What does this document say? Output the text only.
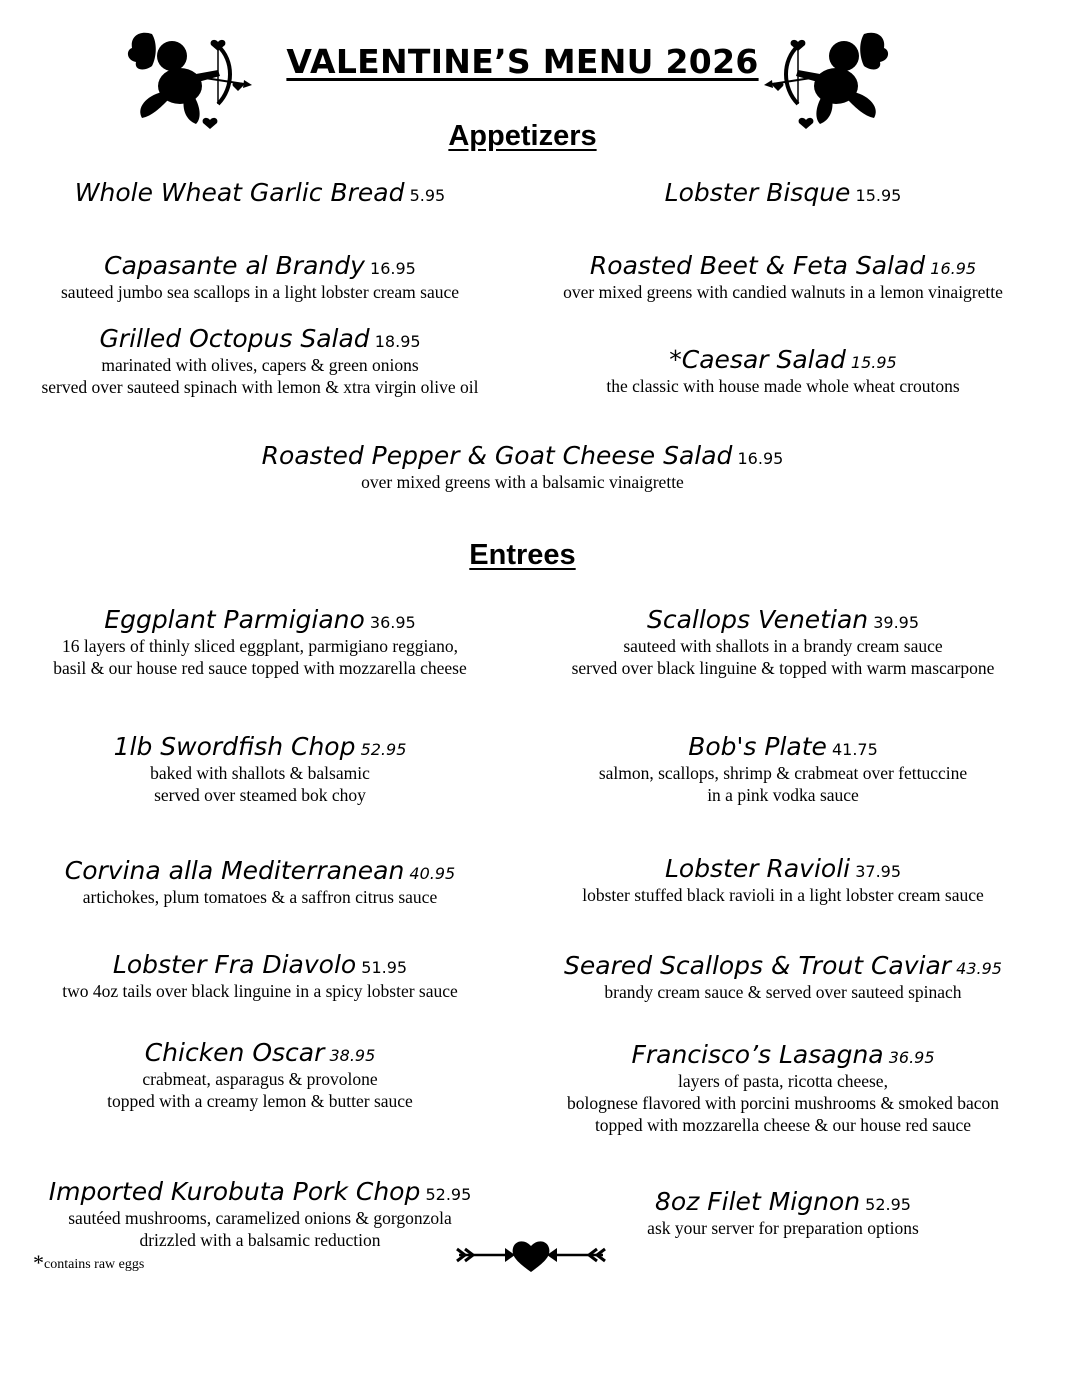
VALENTINE’S MENU 2026
Appetizers
Whole Wheat Garlic Bread 5.95	Lobster Bisque 15.95
Capasante al Brandy 16.95
sauteed jumbo sea scallops in a light lobster cream sauce
Roasted Beet & Feta Salad 16.95
over mixed greens with candied walnuts in a lemon vinaigrette
Grilled Octopus Salad 18.95
marinated with olives, capers & green onions
served over sauteed spinach with lemon & xtra virgin olive oil
*Caesar Salad 15.95
the classic with house made whole wheat croutons
Roasted Pepper & Goat Cheese Salad 16.95
over mixed greens with a balsamic vinaigrette
Entrees
Eggplant Parmigiano 36.95
16 layers of thinly sliced eggplant, parmigiano reggiano,
basil & our house red sauce topped with mozzarella cheese
Scallops Venetian 39.95
sauteed with shallots in a brandy cream sauce
served over black linguine & topped with warm mascarpone
1lb Swordfish Chop 52.95
baked with shallots & balsamic
served over steamed bok choy
Bob's Plate 41.75
salmon, scallops, shrimp & crabmeat over fettuccine
in a pink vodka sauce
Corvina alla Mediterranean 40.95
artichokes, plum tomatoes & a saffron citrus sauce
Lobster Ravioli 37.95
lobster stuffed black ravioli in a light lobster cream sauce
Lobster Fra Diavolo 51.95
two 4oz tails over black linguine in a spicy lobster sauce
Seared Scallops & Trout Caviar 43.95
brandy cream sauce & served over sauteed spinach
Chicken Oscar 38.95
crabmeat, asparagus & provolone
topped with a creamy lemon & butter sauce
Francisco’s Lasagna 36.95
layers of pasta, ricotta cheese,
bolognese flavored with porcini mushrooms & smoked bacon
topped with mozzarella cheese & our house red sauce
Imported Kurobuta Pork Chop 52.95
sautéed mushrooms, caramelized onions & gorgonzola
drizzled with a balsamic reduction
8oz Filet Mignon 52.95
ask your server for preparation options
*contains raw eggs
